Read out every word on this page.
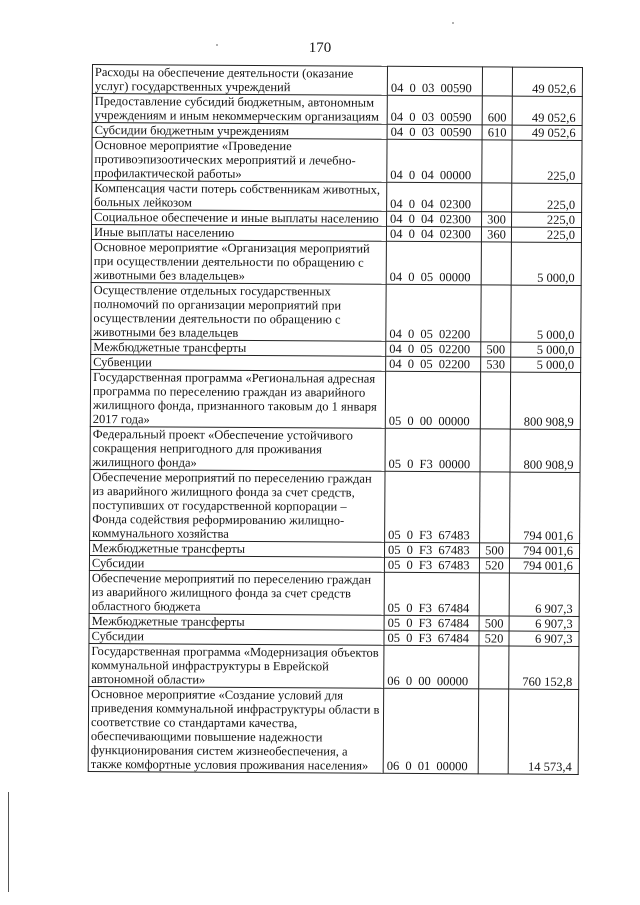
170
Расходы на обеспечение деятельности (оказание услуг) государственных учреждений	04 0 03 00590		49 052,6
Предоставление субсидий бюджетным, автономным учреждениям и иным некоммерческим организациям	04 0 03 00590	600	49 052,6
Субсидии бюджетным учреждениям	04 0 03 00590	610	49 052,6
Основное мероприятие «Проведение противоэпизоотических мероприятий и лечебно-профилактической работы»	04 0 04 00000		225,0
Компенсация части потерь собственникам животных, больных лейкозом	04 0 04 02300		225,0
Социальное обеспечение и иные выплаты населению	04 0 04 02300	300	225,0
Иные выплаты населению	04 0 04 02300	360	225,0
Основное мероприятие «Организация мероприятий при осуществлении деятельности по обращению с животными без владельцев»	04 0 05 00000		5 000,0
Осуществление отдельных государственных полномочий по организации мероприятий при осуществлении деятельности по обращению с животными без владельцев	04 0 05 02200		5 000,0
Межбюджетные трансферты	04 0 05 02200	500	5 000,0
Субвенции	04 0 05 02200	530	5 000,0
Государственная программа «Региональная адресная программа по переселению граждан из аварийного жилищного фонда, признанного таковым до 1 января 2017 года»	05 0 00 00000		800 908,9
Федеральный проект «Обеспечение устойчивого сокращения непригодного для проживания жилищного фонда»	05 0 F3 00000		800 908,9
Обеспечение мероприятий по переселению граждан из аварийного жилищного фонда за счет средств, поступивших от государственной корпорации – Фонда содействия реформированию жилищно-коммунального хозяйства	05 0 F3 67483		794 001,6
Межбюджетные трансферты	05 0 F3 67483	500	794 001,6
Субсидии	05 0 F3 67483	520	794 001,6
Обеспечение мероприятий по переселению граждан из аварийного жилищного фонда за счет средств областного бюджета	05 0 F3 67484		6 907,3
Межбюджетные трансферты	05 0 F3 67484	500	6 907,3
Субсидии	05 0 F3 67484	520	6 907,3
Государственная программа «Модернизация объектов коммунальной инфраструктуры в Еврейской автономной области»	06 0 00 00000		760 152,8
Основное мероприятие «Создание условий для приведения коммунальной инфраструктуры области в соответствие со стандартами качества, обеспечивающими повышение надежности функционирования систем жизнеобеспечения, а также комфортные условия проживания населения»	06 0 01 00000		14 573,4
